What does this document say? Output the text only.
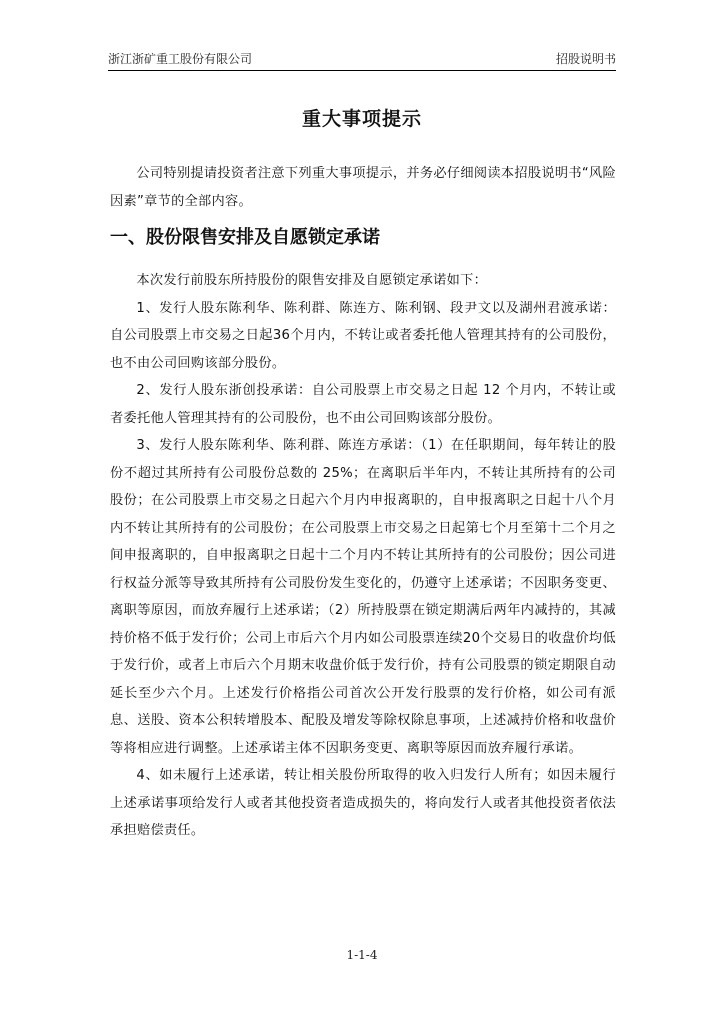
浙江浙矿重工股份有限公司	招股说明书
重大事项提示

公司特别提请投资者注意下列重大事项提示，并务必仔细阅读本招股说明书“风险因素”章节的全部内容。

一、股份限售安排及自愿锁定承诺

本次发行前股东所持股份的限售安排及自愿锁定承诺如下：

1、发行人股东陈利华、陈利群、陈连方、陈利钢、段尹文以及湖州君渡承诺：自公司股票上市交易之日起36个月内，不转让或者委托他人管理其持有的公司股份，也不由公司回购该部分股份。

2、发行人股东浙创投承诺：自公司股票上市交易之日起 12 个月内，不转让或者委托他人管理其持有的公司股份，也不由公司回购该部分股份。

3、发行人股东陈利华、陈利群、陈连方承诺：（1）在任职期间，每年转让的股份不超过其所持有公司股份总数的 25%；在离职后半年内，不转让其所持有的公司股份；在公司股票上市交易之日起六个月内申报离职的，自申报离职之日起十八个月内不转让其所持有的公司股份；在公司股票上市交易之日起第七个月至第十二个月之间申报离职的，自申报离职之日起十二个月内不转让其所持有的公司股份；因公司进行权益分派等导致其所持有公司股份发生变化的，仍遵守上述承诺；不因职务变更、离职等原因，而放弃履行上述承诺；（2）所持股票在锁定期满后两年内减持的，其减持价格不低于发行价；公司上市后六个月内如公司股票连续20个交易日的收盘价均低于发行价，或者上市后六个月期末收盘价低于发行价，持有公司股票的锁定期限自动延长至少六个月。上述发行价格指公司首次公开发行股票的发行价格，如公司有派息、送股、资本公积转增股本、配股及增发等除权除息事项，上述减持价格和收盘价等将相应进行调整。上述承诺主体不因职务变更、离职等原因而放弃履行承诺。

4、如未履行上述承诺，转让相关股份所取得的收入归发行人所有；如因未履行上述承诺事项给发行人或者其他投资者造成损失的，将向发行人或者其他投资者依法承担赔偿责任。

1-1-4
